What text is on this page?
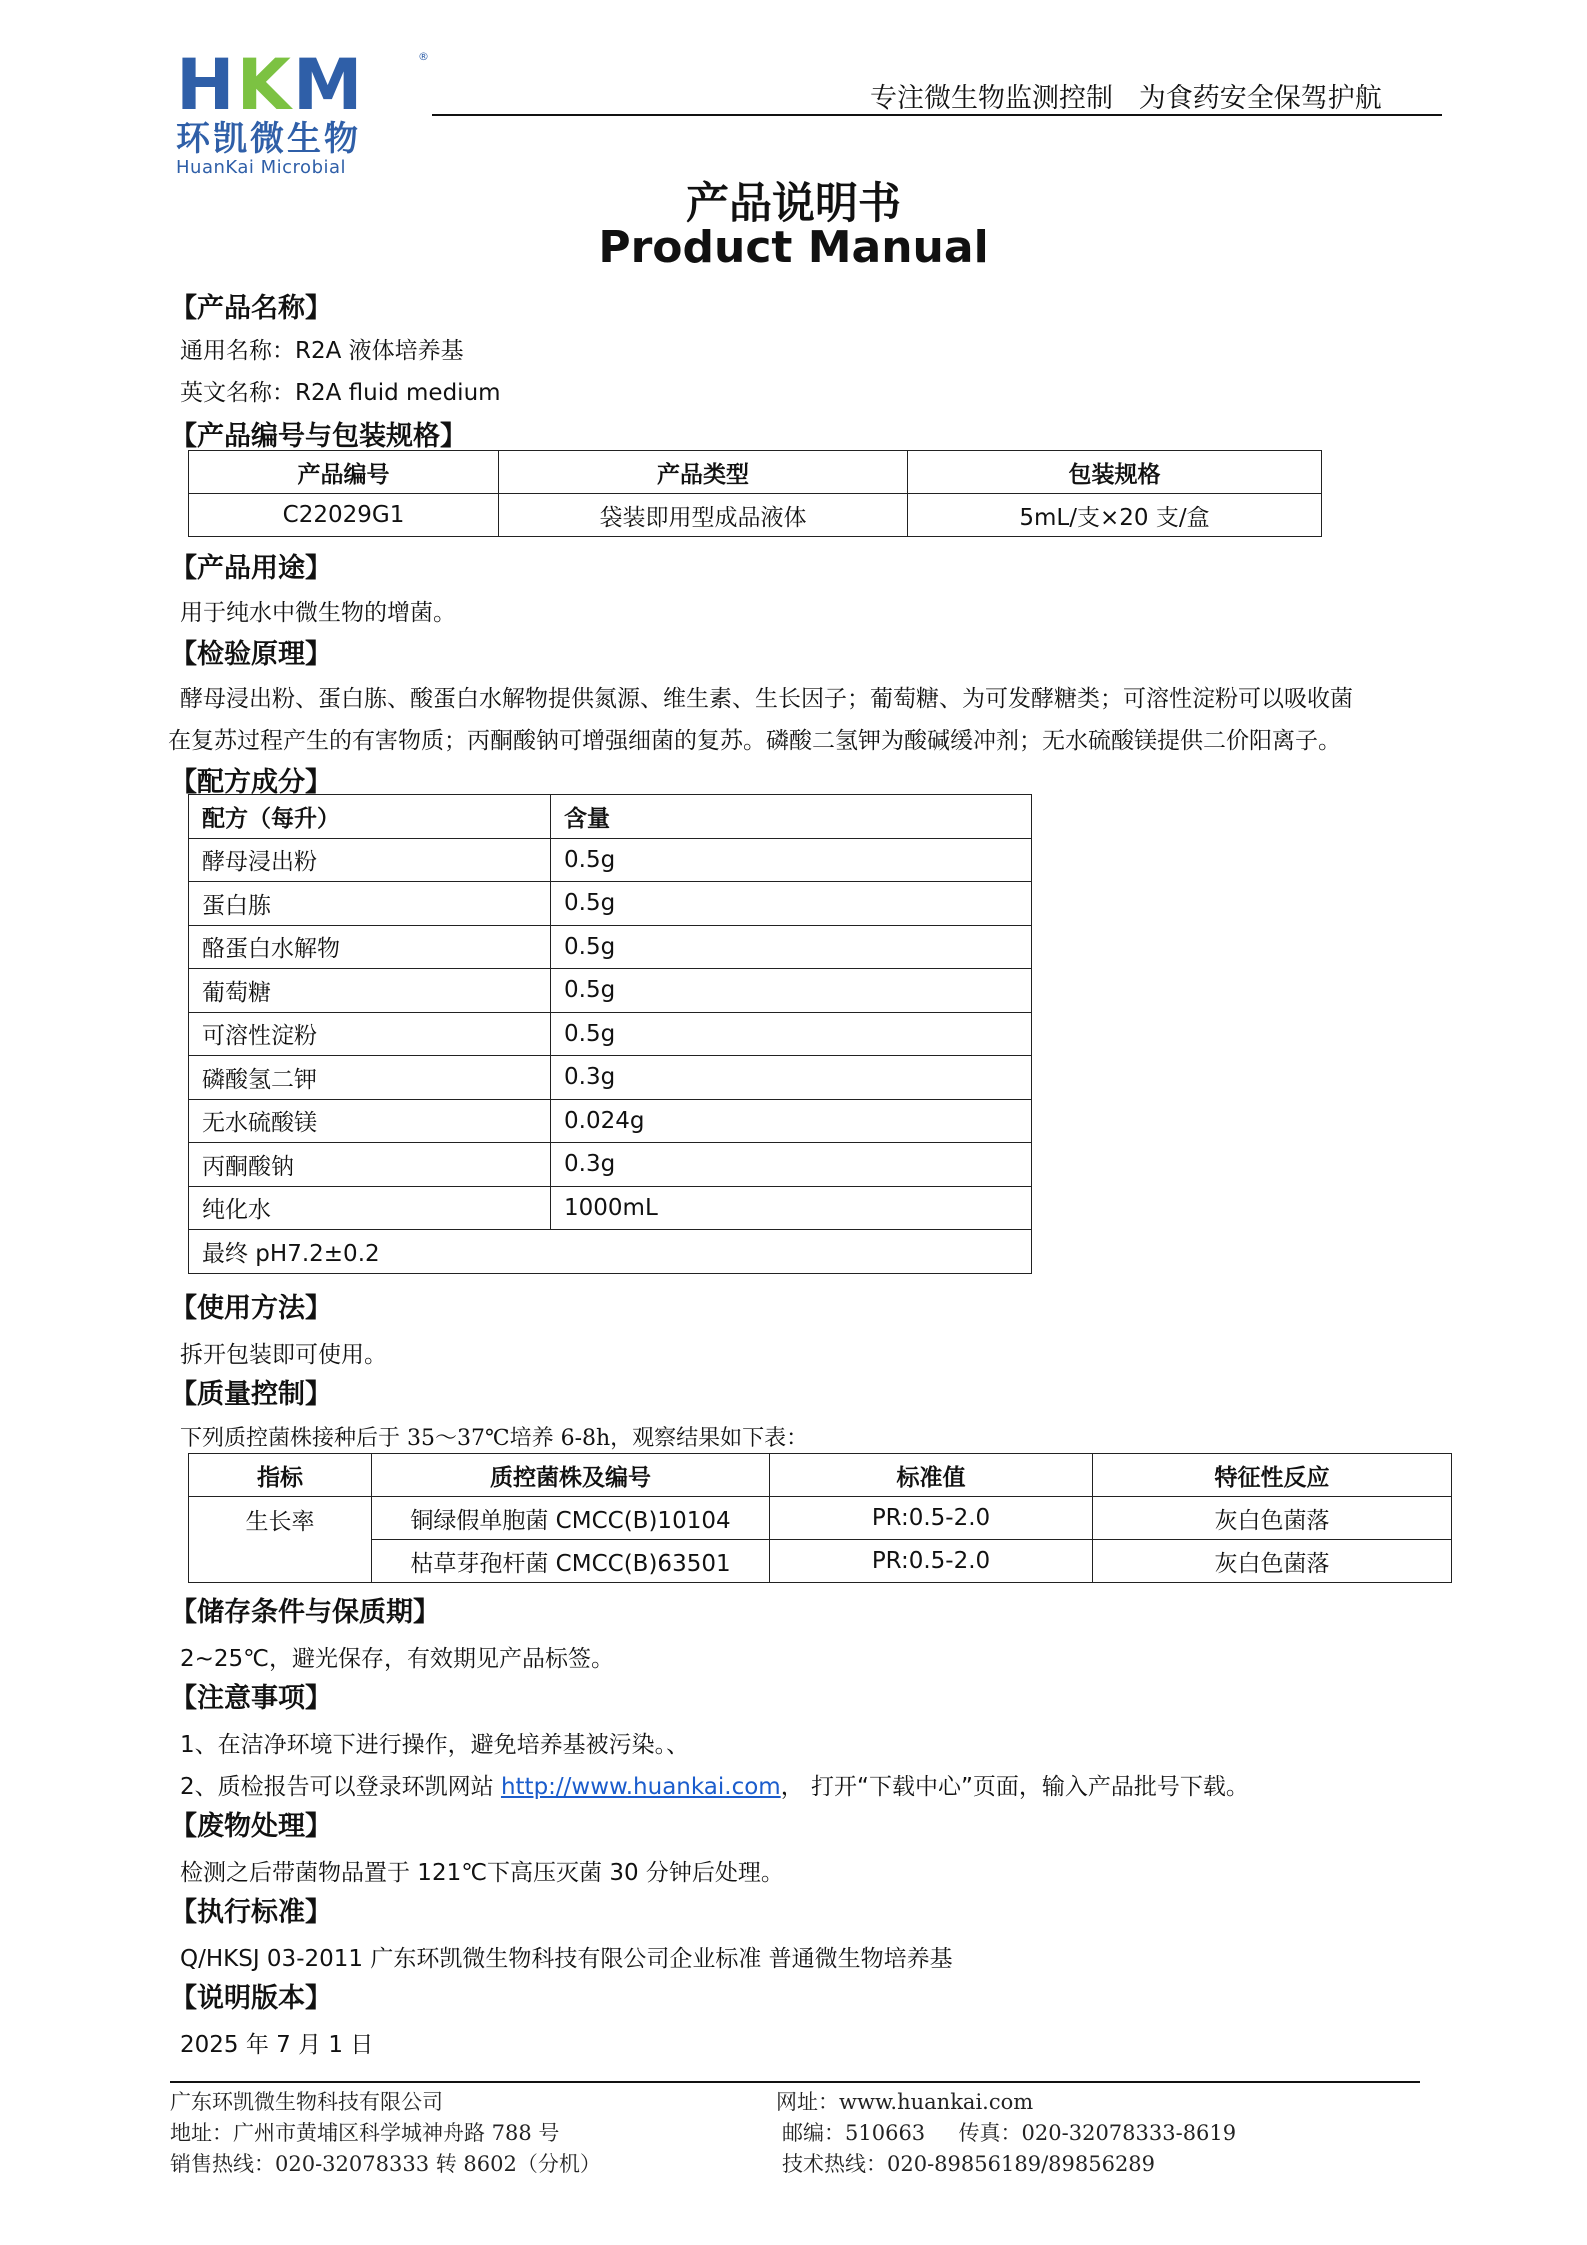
HKM	®
环凯微生物
HuanKai Microbial
专注微生物监测控制   为食药安全保驾护航
产品说明书
Product Manual
【产品名称】
通用名称：R2A 液体培养基
英文名称：R2A fluid medium
【产品编号与包装规格】
产品编号	产品类型	包装规格
C22029G1	袋装即用型成品液体	5mL/支×20 支/盒
【产品用途】
用于纯水中微生物的增菌。
【检验原理】
酵母浸出粉、蛋白胨、酸蛋白水解物提供氮源、维生素、生长因子；葡萄糖、为可发酵糖类；可溶性淀粉可以吸收菌
在复苏过程产生的有害物质；丙酮酸钠可增强细菌的复苏。磷酸二氢钾为酸碱缓冲剂；无水硫酸镁提供二价阳离子。
【配方成分】
配方（每升）	含量
酵母浸出粉	0.5g
蛋白胨	0.5g
酪蛋白水解物	0.5g
葡萄糖	0.5g
可溶性淀粉	0.5g
磷酸氢二钾	0.3g
无水硫酸镁	0.024g
丙酮酸钠	0.3g
纯化水	1000mL
最终 pH7.2±0.2	
【使用方法】
拆开包装即可使用。
【质量控制】
下列质控菌株接种后于 35～37℃培养 6-8h，观察结果如下表：
指标	质控菌株及编号	标准值	特征性反应
生长率	铜绿假单胞菌 CMCC(B)10104	PR:0.5-2.0	灰白色菌落
	枯草芽孢杆菌 CMCC(B)63501	PR:0.5-2.0	灰白色菌落
【储存条件与保质期】
2~25℃，避光保存，有效期见产品标签。
【注意事项】
1、在洁净环境下进行操作，避免培养基被污染。、
2、质检报告可以登录环凯网站 http://www.huankai.com， 打开“下载中心”页面，输入产品批号下载。
【废物处理】
检测之后带菌物品置于 121℃下高压灭菌 30 分钟后处理。
【执行标准】
Q/HKSJ 03-2011 广东环凯微生物科技有限公司企业标准 普通微生物培养基
【说明版本】
2025 年 7 月 1 日
广东环凯微生物科技有限公司
地址：广州市黄埔区科学城神舟路 788 号
销售热线：020-32078333 转 8602（分机）
网址：www.huankai.com
邮编：510663     传真：020-32078333-8619
技术热线：020-89856189/89856289
